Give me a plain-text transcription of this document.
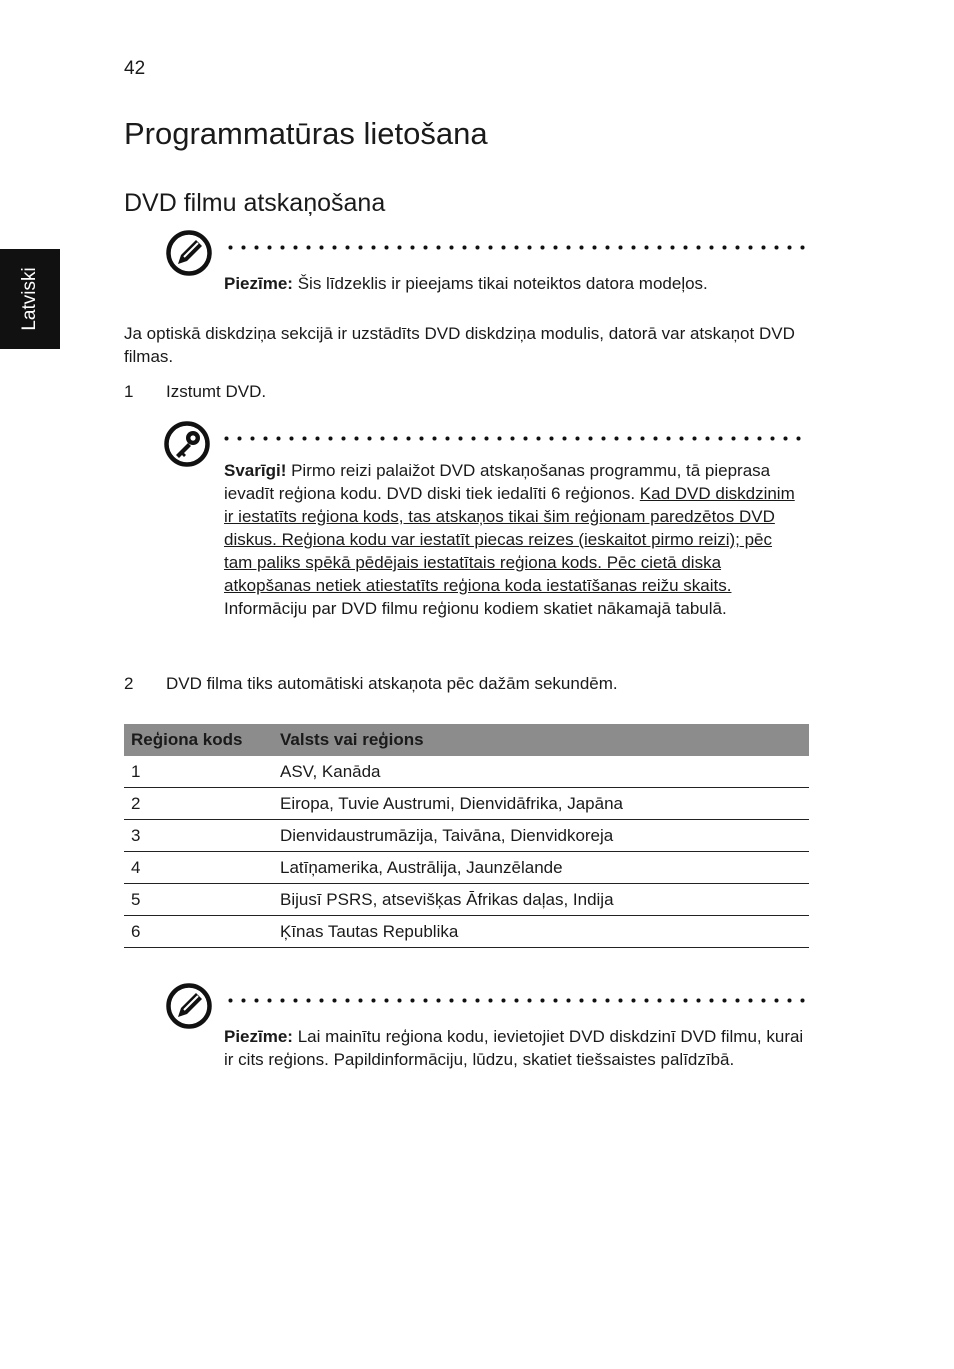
42
Latviski
Programmatūras lietošana
DVD filmu atskaņošana
Piezīme: Šis līdzeklis ir pieejams tikai noteiktos datora modeļos.
Ja optiskā diskdziņa sekcijā ir uzstādīts DVD diskdziņa modulis, datorā var atskaņot DVD filmas.
1 Izstumt DVD.
Svarīgi! Pirmo reizi palaižot DVD atskaņošanas programmu, tā pieprasa ievadīt reģiona kodu. DVD diski tiek iedalīti 6 reģionos. Kad DVD diskdzinim ir iestatīts reģiona kods, tas atskaņos tikai šim reģionam paredzētos DVD diskus. Reģiona kodu var iestatīt piecas reizes (ieskaitot pirmo reizi); pēc tam paliks spēkā pēdējais iestatītais reģiona kods. Pēc cietā diska atkopšanas netiek atiestatīts reģiona koda iestatīšanas reižu skaits. Informāciju par DVD filmu reģionu kodiem skatiet nākamajā tabulā.
2 DVD filma tiks automātiski atskaņota pēc dažām sekundēm.
Reģiona kods	Valsts vai reģions
1	ASV, Kanāda
2	Eiropa, Tuvie Austrumi, Dienvidāfrika, Japāna
3	Dienvidaustrumāzija, Taivāna, Dienvidkoreja
4	Latīņamerika, Austrālija, Jaunzēlande
5	Bijusī PSRS, atsevišķas Āfrikas daļas, Indija
6	Ķīnas Tautas Republika
Piezīme: Lai mainītu reģiona kodu, ievietojiet DVD diskdzinī DVD filmu, kurai ir cits reģions. Papildinformāciju, lūdzu, skatiet tiešsaistes palīdzībā.
